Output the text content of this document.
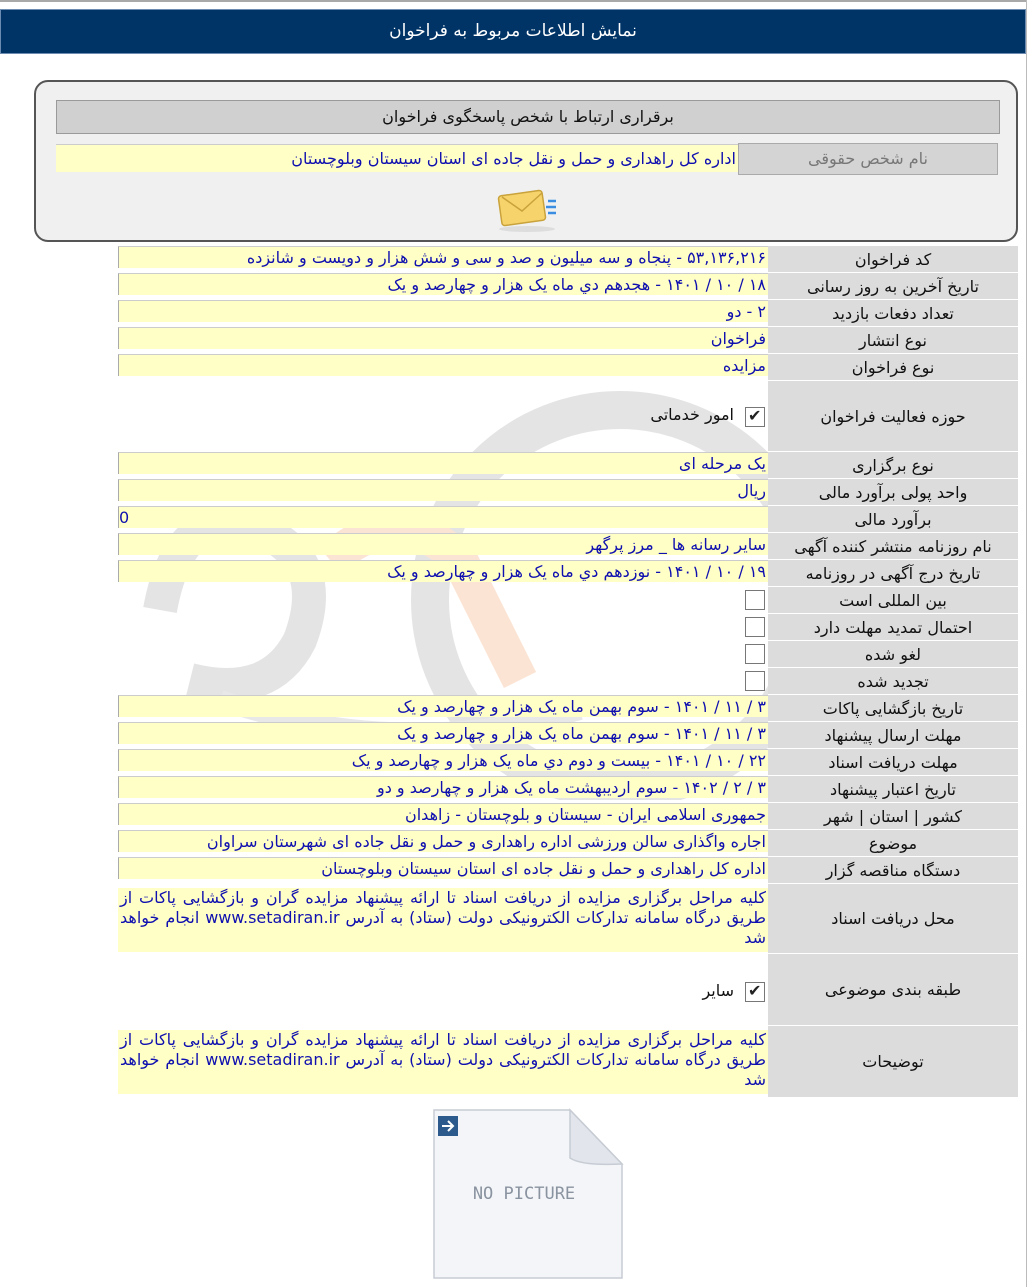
نمایش اطلاعات مربوط به فراخوان
برقراری ارتباط با شخص پاسخگوی فراخوان
نام شخص حقوقی
اداره کل راهداری و حمل و نقل جاده ای استان سیستان وبلوچستان
کد فراخوان
۵۳,۱۳۶,۲۱۶ - پنجاه و سه میلیون و صد و سی و شش هزار و دویست و شانزده
تاریخ آخرین به روز رسانی
۱۸ / ۱۰ / ۱۴۰۱ - هجدهم دي ماه یک هزار و چهارصد و یک
تعداد دفعات بازدید
۲ - دو
نوع انتشار
فراخوان
نوع فراخوان
مزایده
حوزه فعالیت فراخوان
✔
امور خدماتی
نوع برگزاری
یک مرحله ای
واحد پولی برآورد مالی
ریال
برآورد مالی
0
نام روزنامه منتشر کننده آگهی
سایر رسانه ها _ مرز پرگهر
تاریخ درج آگهی در روزنامه
۱۹ / ۱۰ / ۱۴۰۱ - نوزدهم دي ماه یک هزار و چهارصد و یک
بین المللی است
احتمال تمدید مهلت دارد
لغو شده
تجدید شده
تاریخ بازگشایی پاکات
۳ / ۱۱ / ۱۴۰۱ - سوم بهمن ماه یک هزار و چهارصد و یک
مهلت ارسال پیشنهاد
۳ / ۱۱ / ۱۴۰۱ - سوم بهمن ماه یک هزار و چهارصد و یک
مهلت دریافت اسناد
۲۲ / ۱۰ / ۱۴۰۱ - بیست و دوم دي ماه یک هزار و چهارصد و یک
تاریخ اعتبار پیشنهاد
۳ / ۲ / ۱۴۰۲ - سوم اردیبهشت ماه یک هزار و چهارصد و دو
کشور | استان | شهر
جمهوری اسلامی ایران - سیستان و بلوچستان - زاهدان
موضوع
اجاره واگذاری سالن ورزشی اداره راهداری و حمل و نقل جاده ای شهرستان سراوان
دستگاه مناقصه گزار
اداره کل راهداری و حمل و نقل جاده ای استان سیستان وبلوچستان
محل دریافت اسناد
کلیه مراحل برگزاری مزایده از دریافت اسناد تا ارائه پیشنهاد مزایده گران و بازگشایی پاکات از طریق درگاه سامانه تدارکات الکترونیکی دولت (ستاد) به آدرس www.setadiran.ir انجام خواهد شد
طبقه بندی موضوعی
✔
سایر
توضیحات
کلیه مراحل برگزاری مزایده از دریافت اسناد تا ارائه پیشنهاد مزایده گران و بازگشایی پاکات از طریق درگاه سامانه تدارکات الکترونیکی دولت (ستاد) به آدرس www.setadiran.ir انجام خواهد شد
NO PICTURE
